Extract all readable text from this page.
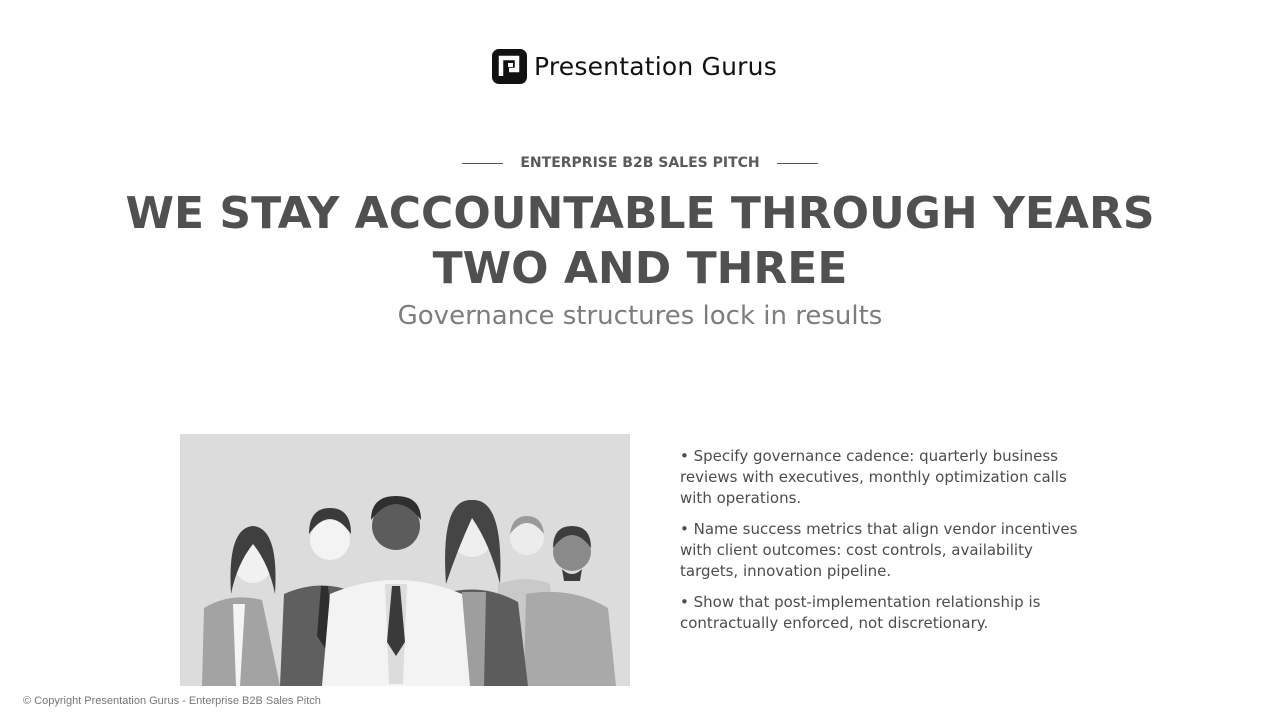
Presentation Gurus
ENTERPRISE B2B SALES PITCH
WE STAY ACCOUNTABLE THROUGH YEARS TWO AND THREE
Governance structures lock in results
• Specify governance cadence: quarterly business reviews with executives, monthly optimization calls with operations.
• Name success metrics that align vendor incentives with client outcomes: cost controls, availability targets, innovation pipeline.
• Show that post-implementation relationship is contractually enforced, not discretionary.
© Copyright Presentation Gurus - Enterprise B2B Sales Pitch
